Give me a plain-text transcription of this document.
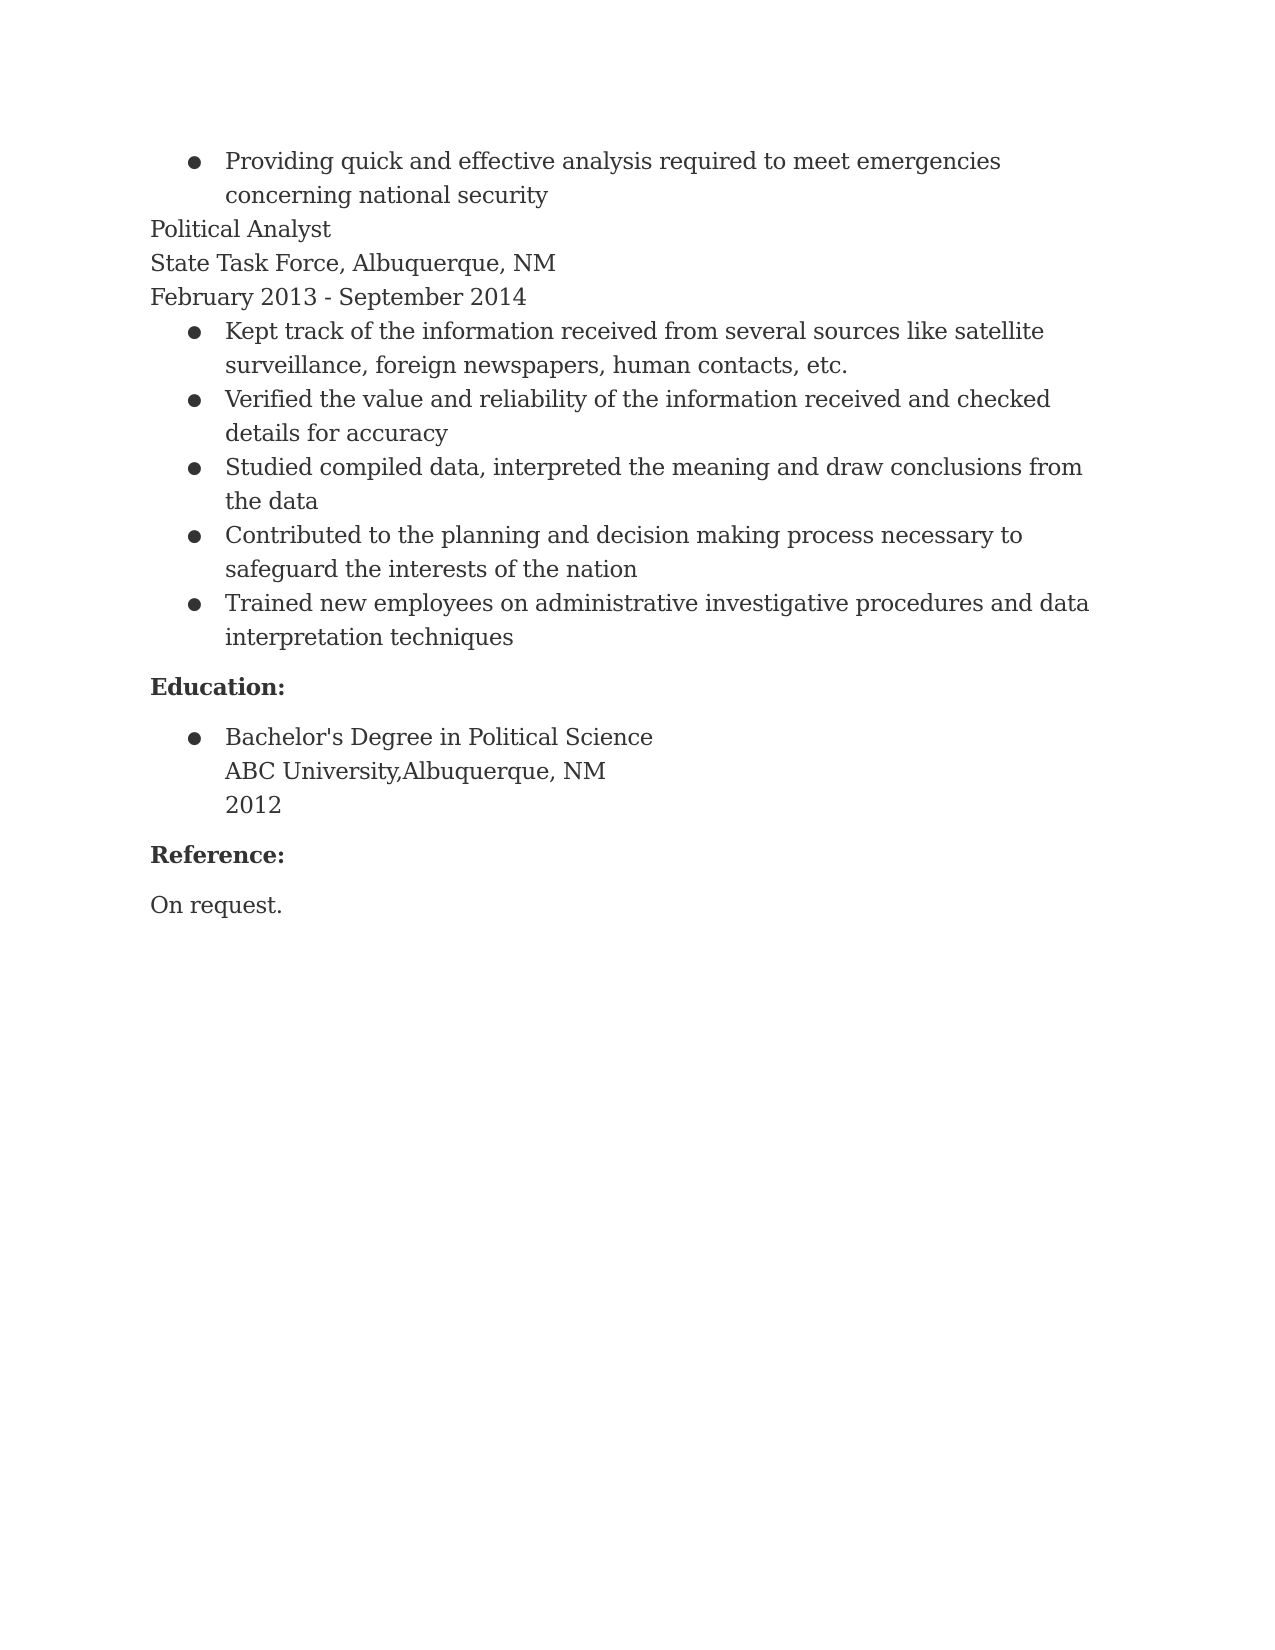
● Providing quick and effective analysis required to meet emergencies concerning national security
Political Analyst
State Task Force, Albuquerque, NM
February 2013 - September 2014
● Kept track of the information received from several sources like satellite surveillance, foreign newspapers, human contacts, etc.
● Verified the value and reliability of the information received and checked details for accuracy
● Studied compiled data, interpreted the meaning and draw conclusions from the data
● Contributed to the planning and decision making process necessary to safeguard the interests of the nation
● Trained new employees on administrative investigative procedures and data interpretation techniques
Education:
● Bachelor's Degree in Political Science
ABC University,Albuquerque, NM
2012
Reference:
On request.
